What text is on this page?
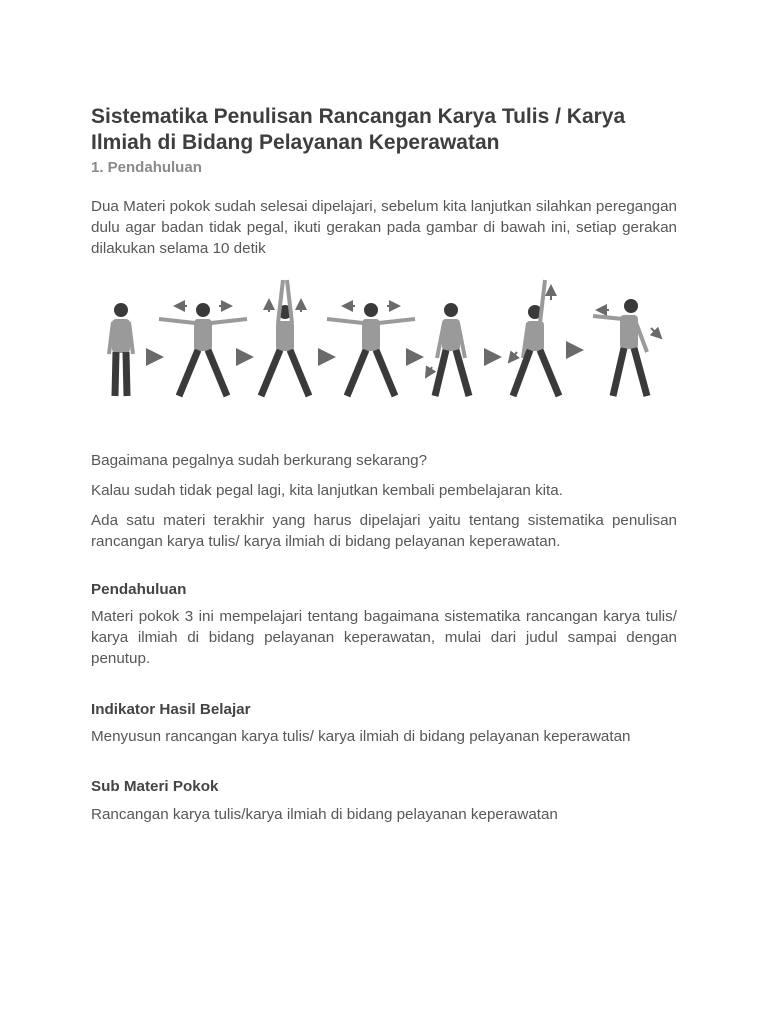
Sistematika Penulisan Rancangan Karya Tulis / Karya Ilmiah di Bidang Pelayanan Keperawatan
1. Pendahuluan

Dua Materi pokok sudah selesai dipelajari, sebelum kita lanjutkan silahkan peregangan dulu agar badan tidak pegal, ikuti gerakan pada gambar di bawah ini, setiap gerakan dilakukan selama 10 detik

Bagaimana pegalnya sudah berkurang sekarang?

Kalau sudah tidak pegal lagi, kita lanjutkan kembali pembelajaran kita.

Ada satu materi terakhir yang harus dipelajari yaitu tentang sistematika penulisan rancangan karya tulis/ karya ilmiah di bidang pelayanan keperawatan.

Pendahuluan

Materi pokok 3 ini mempelajari tentang bagaimana sistematika rancangan karya tulis/ karya ilmiah di bidang pelayanan keperawatan, mulai dari judul sampai dengan penutup.

Indikator Hasil Belajar

Menyusun rancangan karya tulis/ karya ilmiah di bidang pelayanan keperawatan

Sub Materi Pokok

Rancangan karya tulis/karya ilmiah di bidang pelayanan keperawatan
